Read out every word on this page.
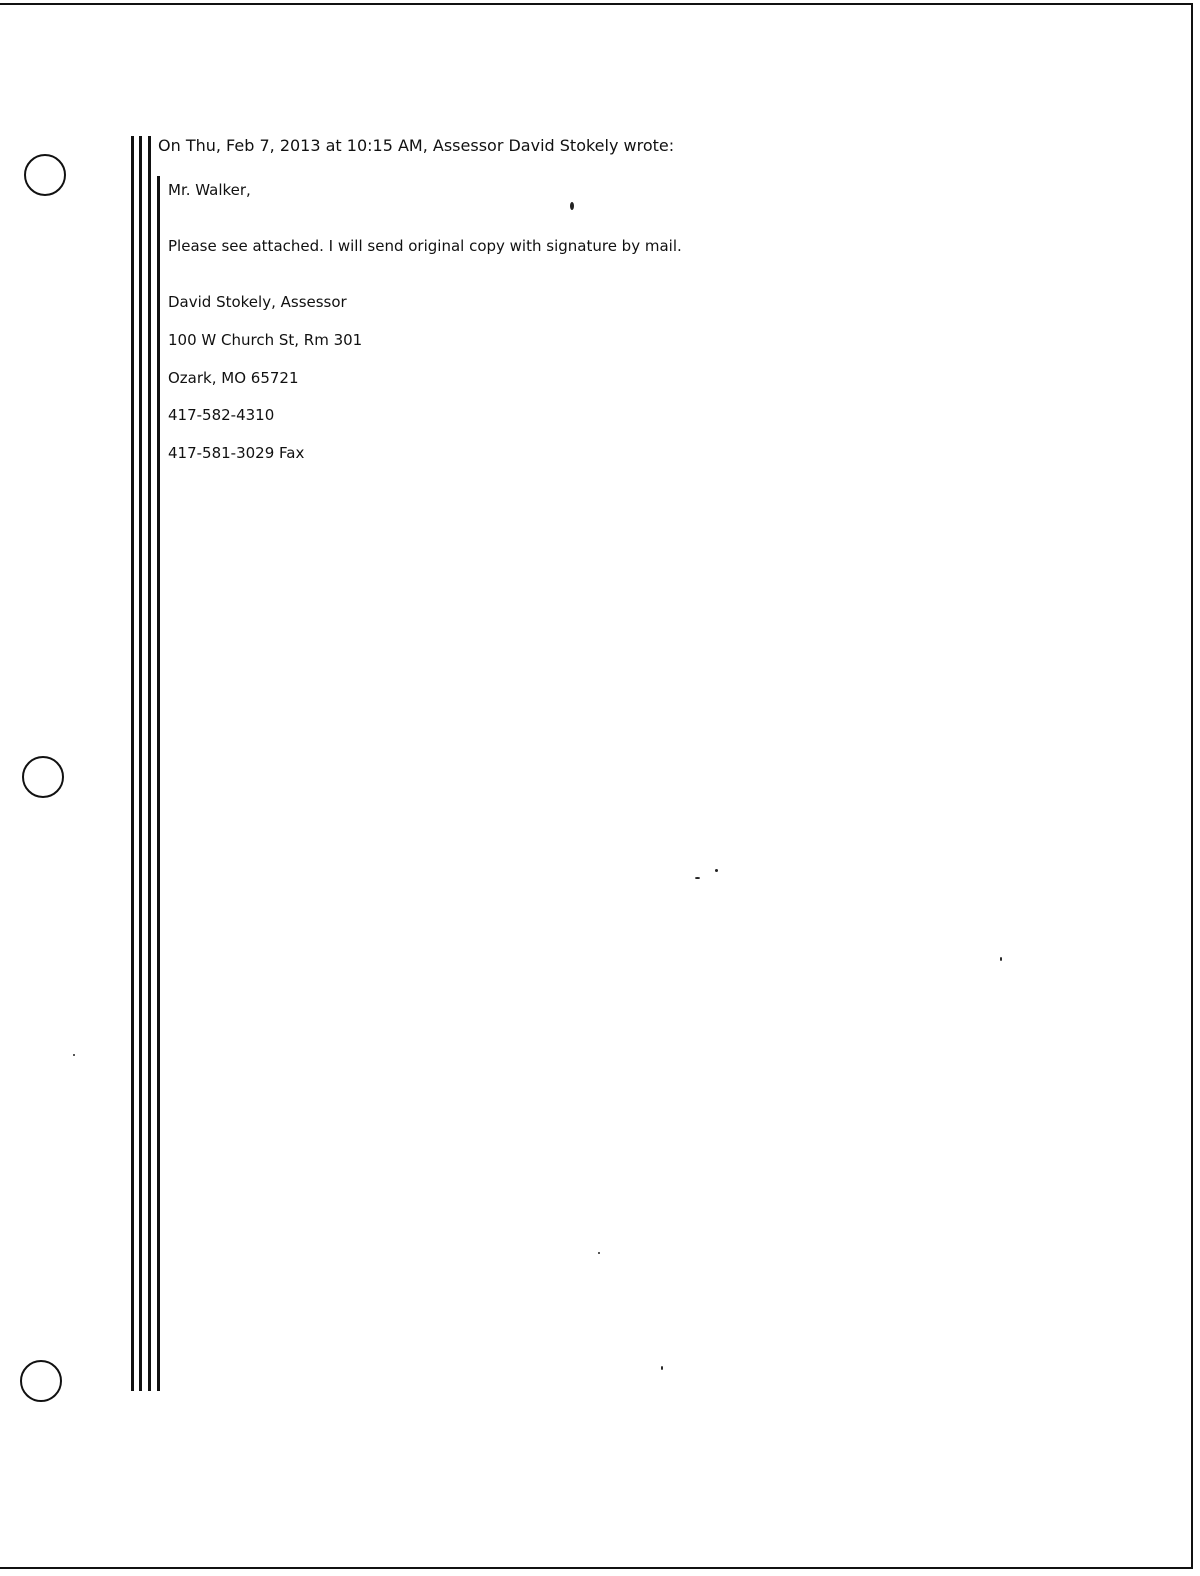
On Thu, Feb 7, 2013 at 10:15 AM, Assessor David Stokely wrote:
Mr. Walker,
Please see attached. I will send original copy with signature by mail.
David Stokely, Assessor
100 W Church St, Rm 301
Ozark, MO 65721
417-582-4310
417-581-3029 Fax
